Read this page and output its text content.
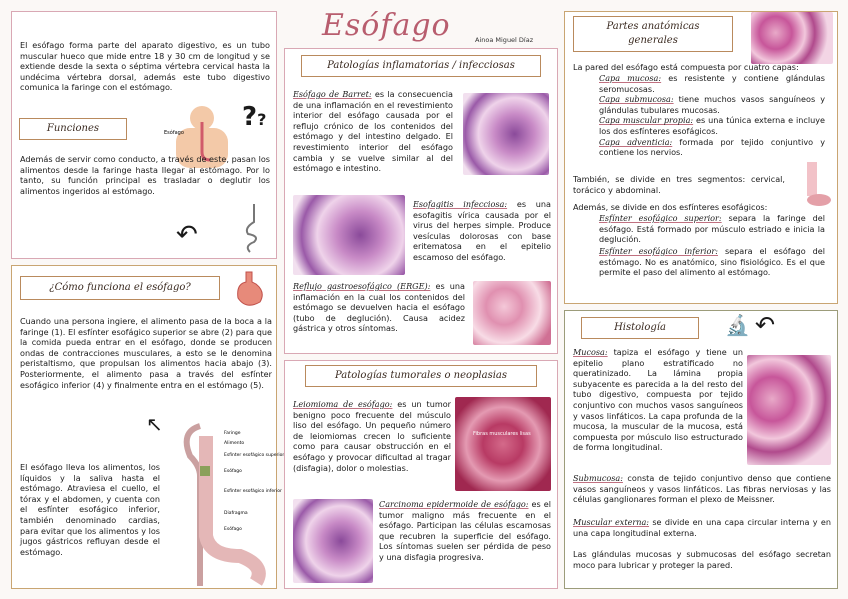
El esófago forma parte del aparato digestivo, es un tubo muscular hueco que mide entre 18 y 30 cm de longitud y se extiende desde la sexta o séptima vértebra cervical hasta la undécima vértebra dorsal, además este tubo digestivo comunica la faringe con el estómago.
Funciones	Esófago
??
Además de servir como conducto, a través de este, pasan los alimentos desde la faringe hasta llegar al estómago. Por lo tanto, su función principal es trasladar o deglutir los alimentos ingeridos al estómago.
↶
¿Cómo funciona el esófago?
Cuando una persona ingiere, el alimento pasa de la boca a la faringe (1). El esfínter esofágico superior se abre (2) para que la comida pueda entrar en el esófago, donde se producen ondas de contracciones musculares, a esto se le denomina peristaltismo, que propulsan los alimentos hacia abajo (3). Posteriormente, el alimento pasa a través del esfínter esofágico inferior (4) y finalmente entra en el estómago (5).
↖	Faringe
Alimento
Esfínter esofágico superior
Esófago
Esfínter esofágico inferior
Diafragma
Esófago
El esófago lleva los alimentos, los líquidos y la saliva hasta el estómago. Atraviesa el cuello, el tórax y el abdomen, y cuenta con el esfínter esofágico inferior, también denominado cardias, para evitar que los alimentos y los jugos gástricos refluyan desde el estómago.
Esófago	Ainoa Miguel Díaz
Patologías inflamatorias / infecciosas
Esófago de Barret: es la consecuencia de una inflamación en el revestimiento interior del esófago causada por el reflujo crónico de los contenidos del estómago y del intestino delgado. El revestimiento interior del esófago cambia y se vuelve similar al del estómago e intestino.
Esofagitis infecciosa: es una esofagitis vírica causada por el virus del herpes simple. Produce vesículas dolorosas con base eritematosa en el epitelio escamoso del esófago.
Reflujo gastroesofágico (ERGE): es una inflamación en la cual los contenidos del estómago se devuelven hacia el esófago (tubo de deglución). Causa acidez gástrica y otros síntomas.
Patologías tumorales o neoplasias
Leiomioma de esófago: es un tumor benigno poco frecuente del músculo liso del esófago. Un pequeño número de leiomiomas crecen lo suficiente como para causar obstrucción en el esófago y provocar dificultad al tragar (disfagia), dolor o molestias.
Fibras musculares lisas
Carcinoma epidermoide de esófago: es el tumor maligno más frecuente en el esófago. Participan las células escamosas que recubren la superficie del esófago. Los síntomas suelen ser pérdida de peso y una disfagia progresiva.
Partes anatómicas generales
La pared del esófago está compuesta por cuatro capas:
Capa mucosa: es resistente y contiene glándulas seromucosas.
Capa submucosa: tiene muchos vasos sanguíneos y glándulas tubulares mucosas.
Capa muscular propia: es una túnica externa e incluye los dos esfínteres esofágicos.
Capa adventicia: formada por tejido conjuntivo y contiene los nervios.
También, se divide en tres segmentos: cervical, torácico y abdominal.
Además, se divide en dos esfínteres esofágicos:
Esfínter esofágico superior: separa la faringe del esófago. Está formado por músculo estriado e inicia la deglución.
Esfínter esofágico inferior: separa el esófago del estómago. No es anatómico, sino fisiológico. Es el que permite el paso del alimento al estómago.
Histología	🔬 ↶
Mucosa: tapiza el esófago y tiene un epitelio plano estratificado no queratinizado. La lámina propia subyacente es parecida a la del resto del tubo digestivo, compuesta por tejido conjuntivo con muchos vasos sanguíneos y vasos linfáticos. La capa profunda de la mucosa, la muscular de la mucosa, está compuesta por músculo liso estructurado de forma longitudinal.
Submucosa: consta de tejido conjuntivo denso que contiene vasos sanguíneos y vasos linfáticos. Las fibras nerviosas y las células ganglionares forman el plexo de Meissner.
Muscular externa: se divide en una capa circular interna y en una capa longitudinal externa.
Las glándulas mucosas y submucosas del esófago secretan moco para lubricar y proteger la pared.
